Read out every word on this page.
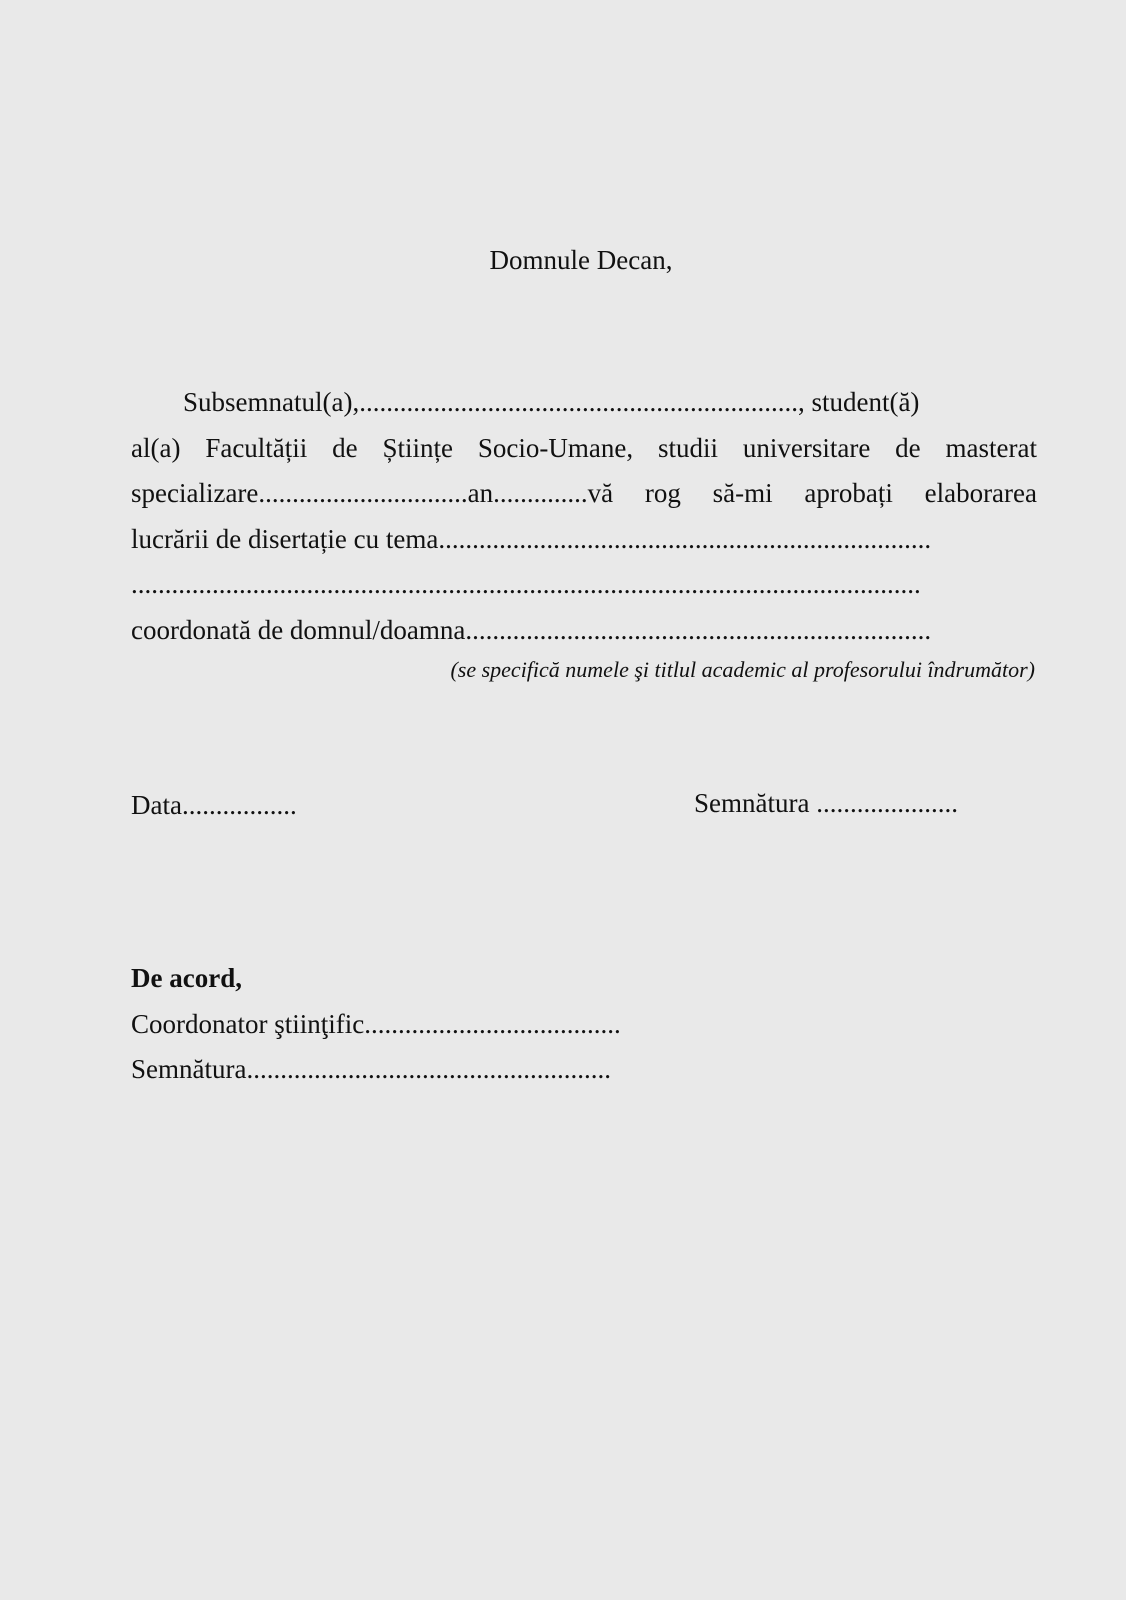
Domnule Decan,
Subsemnatul(a),................................................................., student(ă)
al(a) Facultății de Științe Socio-Umane, studii universitare de masterat
specializare...............................an..............vă rog să-mi aprobați elaborarea
lucrării de disertație cu tema.........................................................................
.....................................................................................................................
coordonată de domnul/doamna.....................................................................
(se specifică numele şi titlul academic al profesorului îndrumător)
Data.................	Semnătura .....................
De acord,
Coordonator ştiinţific......................................
Semnătura......................................................
